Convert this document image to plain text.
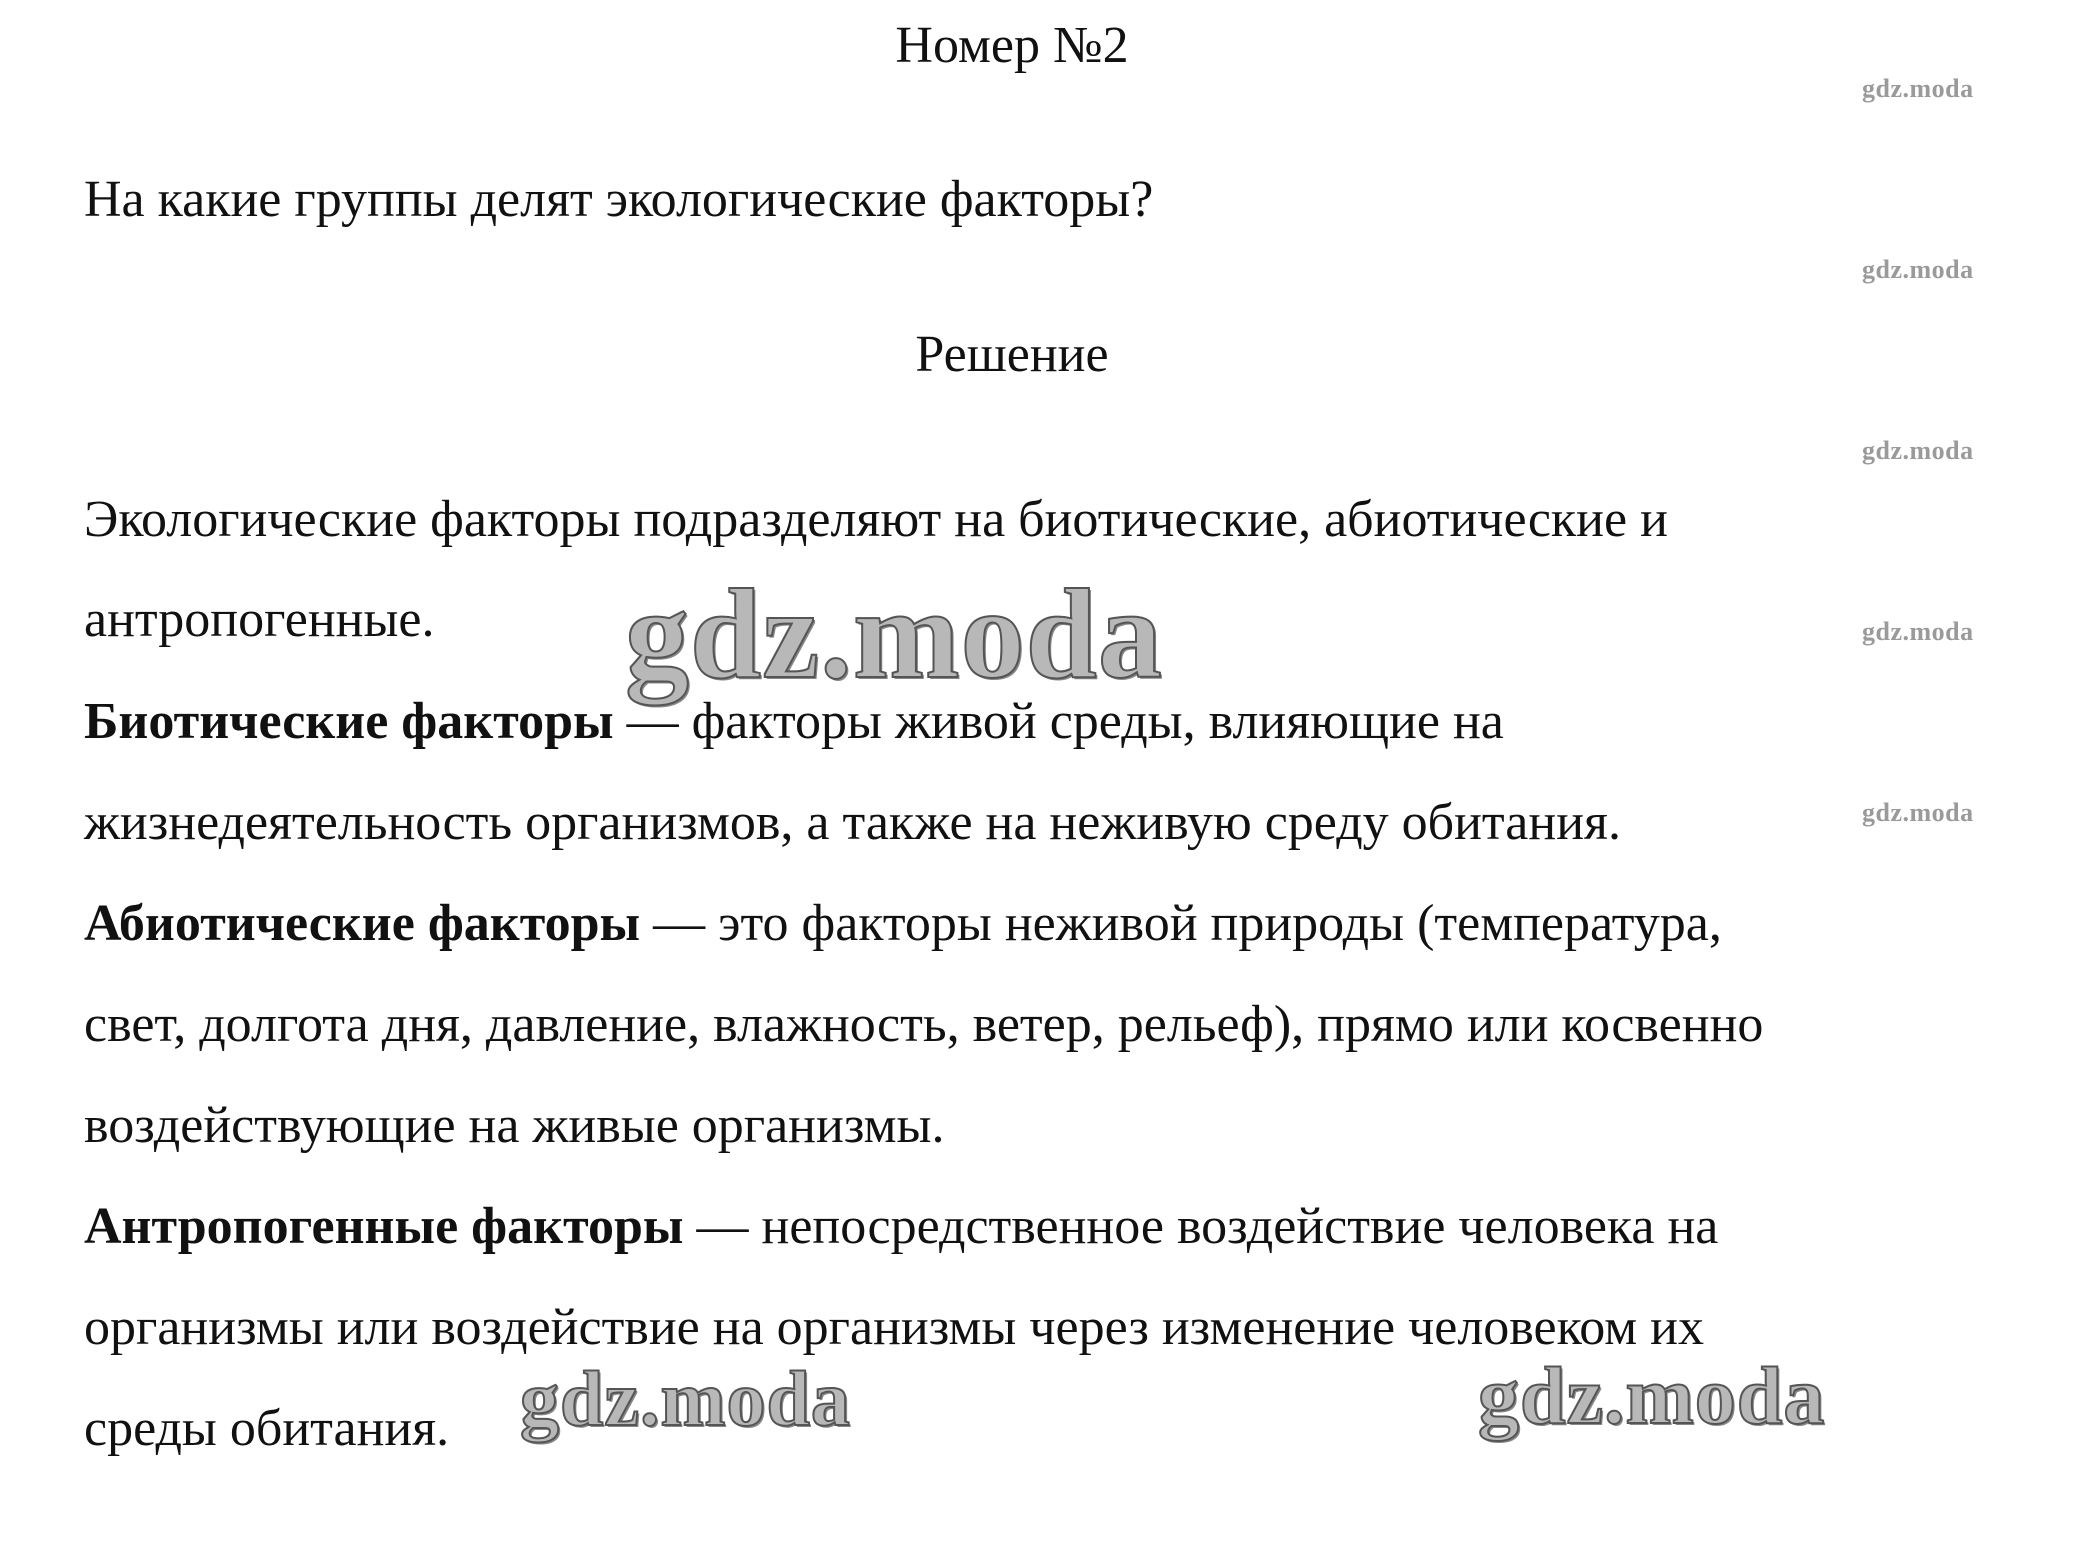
Номер №2
На какие группы делят экологические факторы?
Решение
Экологические факторы подразделяют на биотические, абиотические и
антропогенные.
Биотические факторы — факторы живой среды, влияющие на
жизнедеятельность организмов, а также на неживую среду обитания.
Абиотические факторы — это факторы неживой природы (температура,
свет, долгота дня, давление, влажность, ветер, рельеф), прямо или косвенно
воздействующие на живые организмы.
Антропогенные факторы — непосредственное воздействие человека на
организмы или воздействие на организмы через изменение человеком их
среды обитания.
gdz.moda
gdz.moda
gdz.moda
gdz.moda
gdz.moda
gdz.moda
gdz.moda	gdz.moda
